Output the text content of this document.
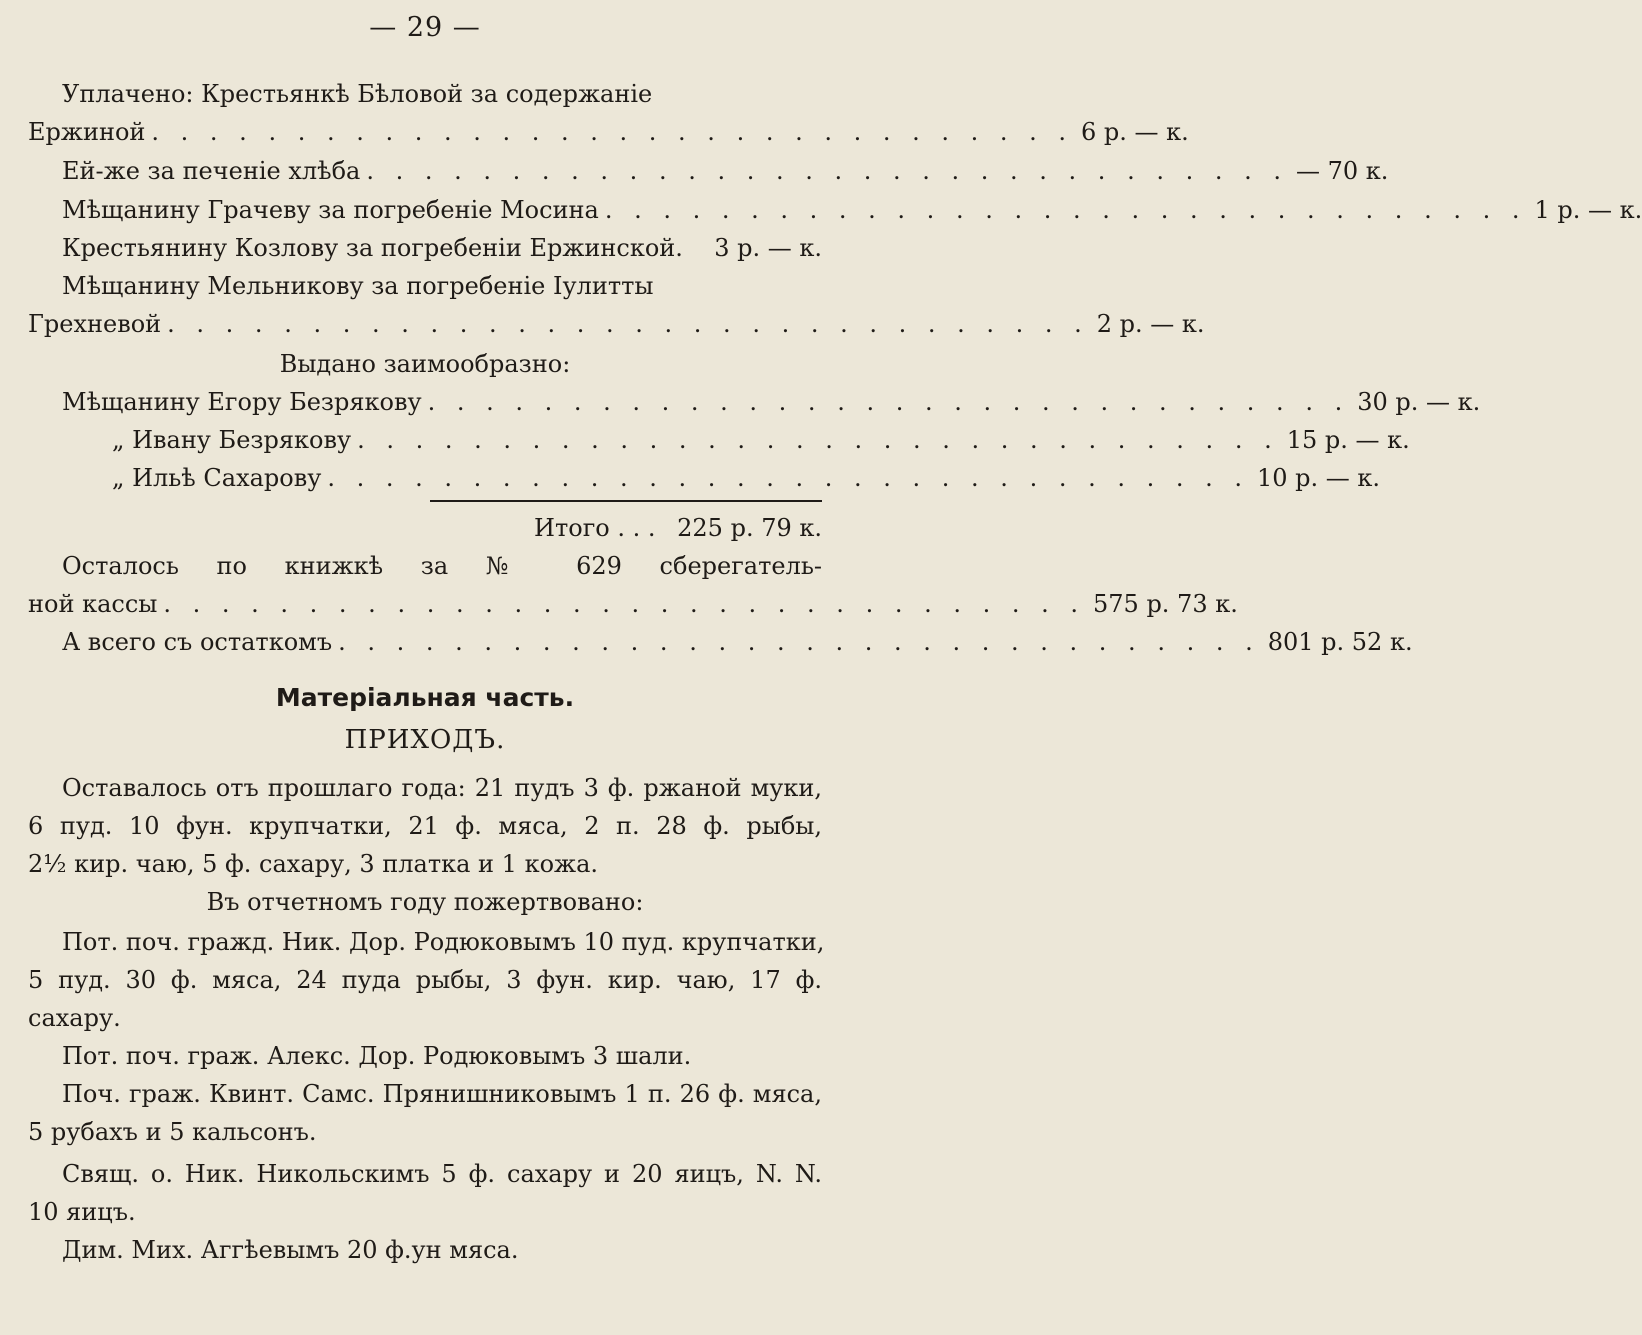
— 29 —
Уплачено: Крестьянкѣ Бѣловой за содержаніе
Ержиной . . . . . . . . . . . . . . . . . . . . . . . . . . . . . . . . 6 р. — к.
Ей-же за печеніе хлѣба . . . . . . . . . . . . . . . . . . . . . . . . . . . . . . . . — 70 к.
Мѣщанину Грачеву за погребеніе Мосина . . . . . . . . . . . . . . . . . . . . . . . . . . . . . . . . 1 р. — к.
Крестьянину Козлову за погребеніи Ержинской.	3 р. — к.
Мѣщанину Мельникову за погребеніе Іулитты
Грехневой . . . . . . . . . . . . . . . . . . . . . . . . . . . . . . . . 2 р. — к.
Выдано заимообразно:
Мѣщанину Егору Безрякову . . . . . . . . . . . . . . . . . . . . . . . . . . . . . . . . 30 р. — к.
„ Ивану Безрякову . . . . . . . . . . . . . . . . . . . . . . . . . . . . . . . . 15 р. — к.
„ Ильѣ Сахарову . . . . . . . . . . . . . . . . . . . . . . . . . . . . . . . . 10 р. — к.
Итого . . . 225 р. 79 к.
Осталось по книжкѣ за № 629 сберегатель-
ной кассы . . . . . . . . . . . . . . . . . . . . . . . . . . . . . . . . 575 р. 73 к.
А всего съ остаткомъ . . . . . . . . . . . . . . . . . . . . . . . . . . . . . . . . 801 р. 52 к.
Матеріальная часть.
ПРИХОДЪ.
Оставалось отъ прошлаго года: 21 пудъ 3 ф. ржаной муки,
6 пуд. 10 фун. крупчатки, 21 ф. мяса, 2 п. 28 ф. рыбы,
2½ кир. чаю, 5 ф. сахару, 3 платка и 1 кожа.
Въ отчетномъ году пожертвовано:
Пот. поч. гражд. Ник. Дор. Родюковымъ 10 пуд. крупчатки,
5 пуд. 30 ф. мяса, 24 пуда рыбы, 3 фун. кир. чаю, 17 ф.
сахару.
Пот. поч. граж. Алекс. Дор. Родюковымъ 3 шали.
Поч. граж. Квинт. Самс. Прянишниковымъ 1 п. 26 ф. мяса,
5 рубахъ и 5 кальсонъ.
Свящ. о. Ник. Никольскимъ 5 ф. сахару и 20 яицъ, N. N.
10 яицъ.
Дим. Мих. Аггѣевымъ 20 ф.ун мяса.
